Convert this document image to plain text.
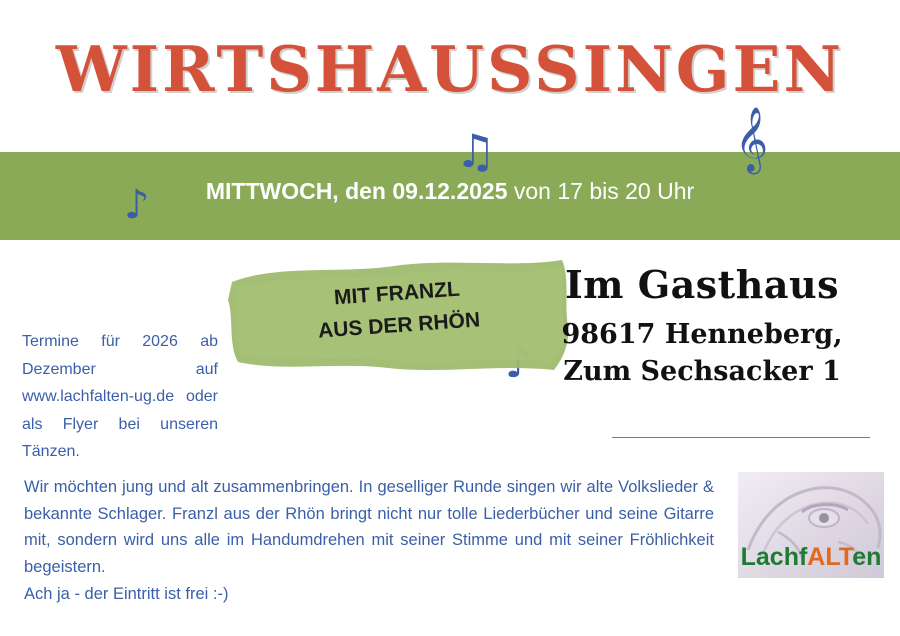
WIRTSHAUSSINGEN
MITTWOCH, den 09.12.2025 von 17 bis 20 Uhr
♫	𝄞
♪
MIT FRANZL
AUS DER RHÖN
Im Gasthaus
98617 Henneberg,
Zum Sechsacker 1
Termine für 2026 ab Dezember auf www.lachfalten-ug.de oder als Flyer bei unseren Tänzen.
Wir möchten jung und alt zusammenbringen. In geselliger Runde singen wir alte Volkslieder & bekannte Schlager. Franzl aus der Rhön bringt nicht nur tolle Liederbücher und seine Gitarre mit, sondern wird uns alle im Handumdrehen mit seiner Stimme und mit seiner Fröhlichkeit begeistern.
Ach ja - der Eintritt ist frei :-)
LachfALTen
